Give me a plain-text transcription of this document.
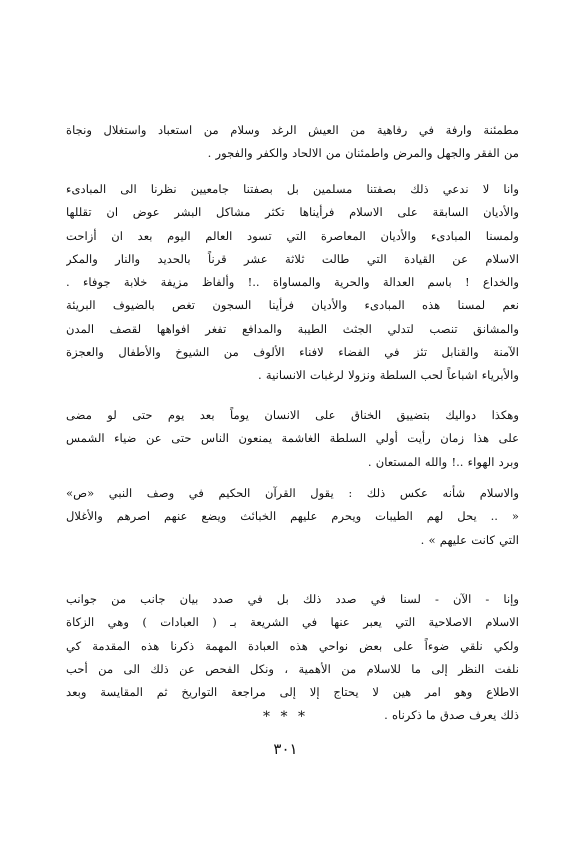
مطمئنة وارفة في رفاهية من العيش الرغد وسلام من استعباد واستغلال ونجاة
من الفقر والجهل والمرض واطمئنان من الالحاد والكفر والفجور .
وانا لا ندعي ذلك بصفتنا مسلمين بل بصفتنا جامعيين نظرنا الى المبادىء
والأديان السابقة على الاسلام فرأيناها تكثر مشاكل البشر عوض ان تقللها
ولمسنا المبادىء والأديان المعاصرة التي تسود العالم اليوم بعد ان أزاحت
الاسلام عن القيادة التي طالت ثلاثة عشر قرناً بالحديد والنار والمكر
والخداع ! باسم العدالة والحرية والمساواة ..! وألفاظ مزيفة خلابة جوفاء .
نعم لمسنا هذه المبادىء والأديان فرأينا السجون تغص بالضيوف البريئة
والمشانق تنصب لتدلي الجثث الطيبة والمدافع تفغر افواهها لقصف المدن
الآمنة والقنابل تئز في الفضاء لافناء الألوف من الشيوخ والأطفال والعجزة
والأبرياء اشباعاً لحب السلطة ونزولا لرغبات الانسانية .
وهكذا دواليك بتضييق الخناق على الانسان يوماً بعد يوم حتى لو مضى
على هذا زمان رأيت أولي السلطة الغاشمة يمنعون الناس حتى عن ضياء الشمس
وبرد الهواء ..! والله المستعان .
والاسلام شأنه عكس ذلك : يقول القرآن الحكيم في وصف النبي «ص»
« .. يحل لهم الطيبات ويحرم عليهم الخبائث ويضع عنهم اصرهم والأغلال
التي كانت عليهم » .
وإنا - الآن - لسنا في صدد ذلك بل في صدد بيان جانب من جوانب
الاسلام الاصلاحية التي يعبر عنها في الشريعة بـ ( العبادات ) وهي الزكاة
ولكي نلقي ضوءاً على بعض نواحي هذه العبادة المهمة ذكرنا هذه المقدمة كي
نلفت النظر إلى ما للاسلام من الأهمية ، ونكل الفحص عن ذلك الى من أحب
الاطلاع وهو امر هين لا يحتاج إلا إلى مراجعة التواريخ ثم المقايسة وبعد
ذلك يعرف صدق ما ذكرناه .
* * *
٣٠١
